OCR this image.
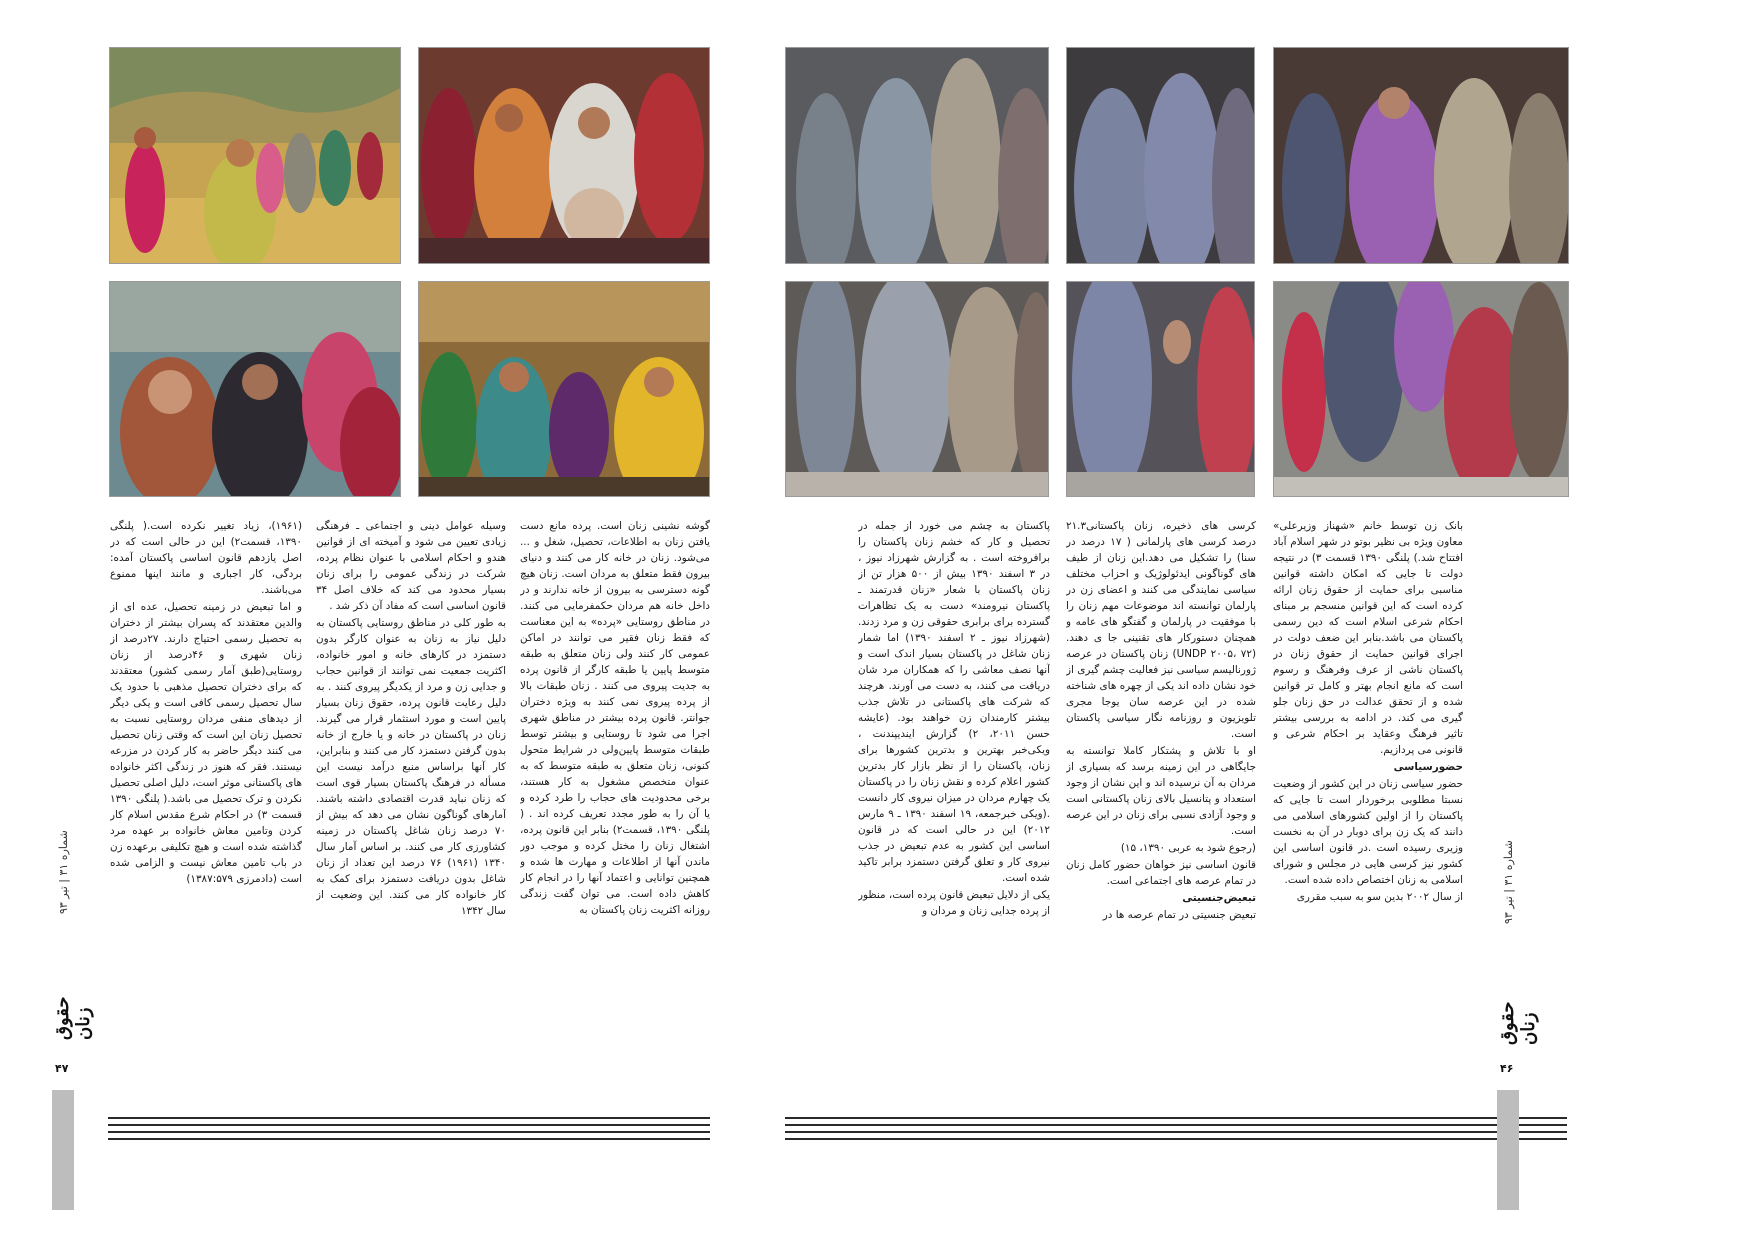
گوشه نشینی زنان است. پرده مانع دست یافتن زنان به اطلاعات، تحصیل، شغل و ... می‌شود. زنان در خانه کار می کنند و دنیای بیرون فقط متعلق به مردان است. زنان هیچ گونه دسترسی به بیرون از خانه ندارند و در داخل خانه هم مردان حکمفرمایی می کنند. در مناطق روستایی «پرده» به این معناست که فقط زنان فقیر می توانند در اماکن عمومی کار کنند ولی زنان متعلق به طبقه متوسط پایین یا طبقه کارگر از قانون پرده به جدیت پیروی می کنند . زنان طبقات بالا از پرده پیروی نمی کنند به ویژه دختران جوانتر. قانون پرده بیشتر در مناطق شهری اجرا می شود تا روستایی و بیشتر توسط طبقات متوسط پایین‌ولی در شرایط متحول کنونی، زنان متعلق به طبقه متوسط که به عنوان متخصص مشغول به کار هستند، برخی محدودیت های حجاب را طرد کرده و یا آن را به طور مجدد تعریف کرده اند . ( پلنگی ۱۳۹۰، قسمت۲) بنابر این قانون پرده، اشتغال زنان را مختل کرده و موجب دور ماندن آنها از اطلاعات و مهارت ها شده و همچنین توانایی و اعتماد آنها را در انجام کار کاهش داده است. می توان گفت زندگی روزانه اکثریت زنان پاکستان به

وسیله عوامل دینی و اجتماعی ـ فرهنگی زیادی تعیین می شود و آمیخته ای از قوانین هندو و احکام اسلامی با عنوان نظام پرده، شرکت در زندگی عمومی را برای زنان بسیار محدود می کند که خلاف اصل ۳۴ قانون اساسی است که مفاد آن ذکر شد .

به طور کلی در مناطق روستایی پاکستان به دلیل نیاز به زنان به عنوان کارگر بدون دستمزد در کارهای خانه و امور خانواده، اکثریت جمعیت نمی توانند از قوانین حجاب و جدایی زن و مرد از یکدیگر پیروی کنند . به دلیل رعایت قانون پرده، حقوق زنان بسیار پایین است و مورد استثمار قرار می گیرند. زنان در پاکستان در خانه و یا خارج از خانه بدون گرفتن دستمزد کار می کنند و بنابراین، کار آنها براساس منبع درآمد نیست این مسأله در فرهنگ پاکستان بسیار قوی است که زنان نباید قدرت اقتصادی داشته باشند. آمارهای گوناگون نشان می دهد که بیش از ۷۰ درصد زنان شاغل پاکستان در زمینه کشاورزی کار می کنند. بر اساس آمار سال ۱۳۴۰ (۱۹۶۱) ۷۶ درصد این تعداد از زنان شاغل بدون دریافت دستمزد برای کمک به کار خانواده کار می کنند. این وضعیت از سال ۱۳۴۲

(۱۹۶۱)، زیاد تغییر نکرده است.( پلنگی ۱۳۹۰، قسمت۲) این در حالی است که در اصل یازدهم قانون اساسی پاکستان آمده: بردگی، کار اجباری و مانند اینها ممنوع می‌باشند.

و اما تبعیض در زمینه تحصیل، عده ای از والدین معتقدند که پسران بیشتر از دختران به تحصیل رسمی احتیاج دارند. ۲۷درصد از زنان شهری و ۴۶درصد از زنان روستایی(طبق آمار رسمی کشور) معتقدند که برای دختران تحصیل مذهبی با حدود یک سال تحصیل رسمی کافی است و یکی دیگر از دیدهای منفی مردان روستایی نسبت به تحصیل زنان این است که وقتی زنان تحصیل می کنند دیگر حاضر به کار کردن در مزرعه نیستند. فقر که هنوز در زندگی اکثر خانواده های پاکستانی موثر است، دلیل اصلی تحصیل نکردن و ترک تحصیل می باشد.( پلنگی ۱۳۹۰ قسمت ۳) در احکام شرع مقدس اسلام کار کردن وتامین معاش خانواده بر عهده مرد گذاشته شده است و هیچ تکلیفی برعهده زن در باب تامین معاش نیست و الزامی شده است (دادمرزی ۱۳۸۷:۵۷۹)

بانک زن توسط خانم «شهناز وزیرعلی» معاون ویژه بی نظیر بوتو در شهر اسلام آباد افتتاح شد.) پلنگی ۱۳۹۰ قسمت ۳) در نتیجه دولت تا جایی که امکان داشته قوانین مناسبی برای حمایت از حقوق زنان ارائه کرده است که این قوانین منسجم بر مبنای احکام شرعی اسلام است که دین رسمی پاکستان می باشد.بنابر این ضعف دولت در اجرای قوانین حمایت از حقوق زنان در پاکستان ناشی از عرف وفرهنگ و رسوم است که مانع انجام بهتر و کامل تر قوانین شده و از تحقق عدالت در حق زنان جلو گیری می کند. در ادامه به بررسی بیشتر تاثیر فرهنگ وعقاید بر احکام شرعی و قانونی می پردازیم.

حضورسیاسی

حضور سیاسی زنان در این کشور از وضعیت نسبتا مطلوبی برخوردار است تا جایی که پاکستان را از اولین کشورهای اسلامی می دانند که یک زن برای دوبار در آن به نخست وزیری رسیده است .در قانون اساسی این کشور نیز کرسی هایی در مجلس و شورای اسلامی به زنان اختصاص داده شده است.

از سال ۲۰۰۲ بدین سو به سبب مقرری

کرسی های ذخیره، زنان پاکستانی۲۱.۳ درصد کرسی های پارلمانی ( ۱۷ درصد در سنا) را تشکیل می دهد.این زنان از طیف های گوناگونی ایدئولوژیک و احزاب مختلف سیاسی نمایندگی می کنند و اعضای زن در پارلمان توانسته اند موضوعات مهم زنان را با موفقیت در پارلمان و گفتگو های عامه و همچنان دستورکار های تقنینی جا ی دهند. (UNDP ۲۰۰۵، ۷۲) زنان پاکستان در عرصه ژورنالیسم سیاسی نیز فعالیت چشم گیری از خود نشان داده اند یکی از چهره های شناخته شده در این عرصه سان یوجا مجری تلویزیون و روزنامه نگار سیاسی پاکستان است.

او با تلاش و پشتکار کاملا توانسته به جایگاهی در این زمینه برسد که بسیاری از مردان به آن نرسیده اند و این نشان از وجود استعداد و پتانسیل بالای زنان پاکستانی است و وجود آزادی نسبی برای زنان در این عرصه است.

(رجوع شود به عربی ۱۳۹۰، ۱۵)

قانون اساسی نیز خواهان حضور کامل زنان در تمام عرصه های اجتماعی است.

تبعیض‌جنسیتی

تبعیض جنسیتی در تمام عرصه ها در

پاکستان به چشم می خورد از جمله در تحصیل و کار که خشم زنان پاکستان را برافروخته است . به گزارش شهرزاد نیوز ، در ۳ اسفند ۱۳۹۰ بیش از ۵۰۰ هزار تن از زنان پاکستان با شعار «زنان قدرتمند ـ پاکستان نیرومند» دست به یک تظاهرات گسترده برای برابری حقوقی زن و مرد زدند. (شهرزاد نیوز ـ ۲ اسفند ۱۳۹۰) اما شمار زنان شاغل در پاکستان بسیار اندک است و آنها نصف معاشی را که همکاران مرد شان دریافت می کنند، به دست می آورند. هرچند که شرکت های پاکستانی در تلاش جذب بیشتر کارمندان زن خواهند بود. (عایشه حسن ۲۰۱۱، ۲) گزارش ایندیپندنت ، ویکی‌خبر بهترین و بدترین کشورها برای زنان، پاکستان را از نظر بازار کار بدترین کشور اعلام کرده و نقش زنان را در پاکستان یک چهارم مردان در میزان نیروی کار دانست .(ویکی خبرجمعه، ۱۹ اسفند ۱۳۹۰ ـ ۹ مارس ۲۰۱۲) این در حالی است که در قانون اساسی این کشور به عدم تبعیض در جذب نیروی کار و تعلق گرفتن دستمزد برابر تاکید شده است.

یکی از دلایل تبعیض قانون پرده است، منظور از پرده جدایی زنان و مردان و

شماره ۳۱ | تیر ۹۳
حقوق زنان
۴۷
شماره ۳۱ | تیر ۹۳
حقوق زنان
۴۶
